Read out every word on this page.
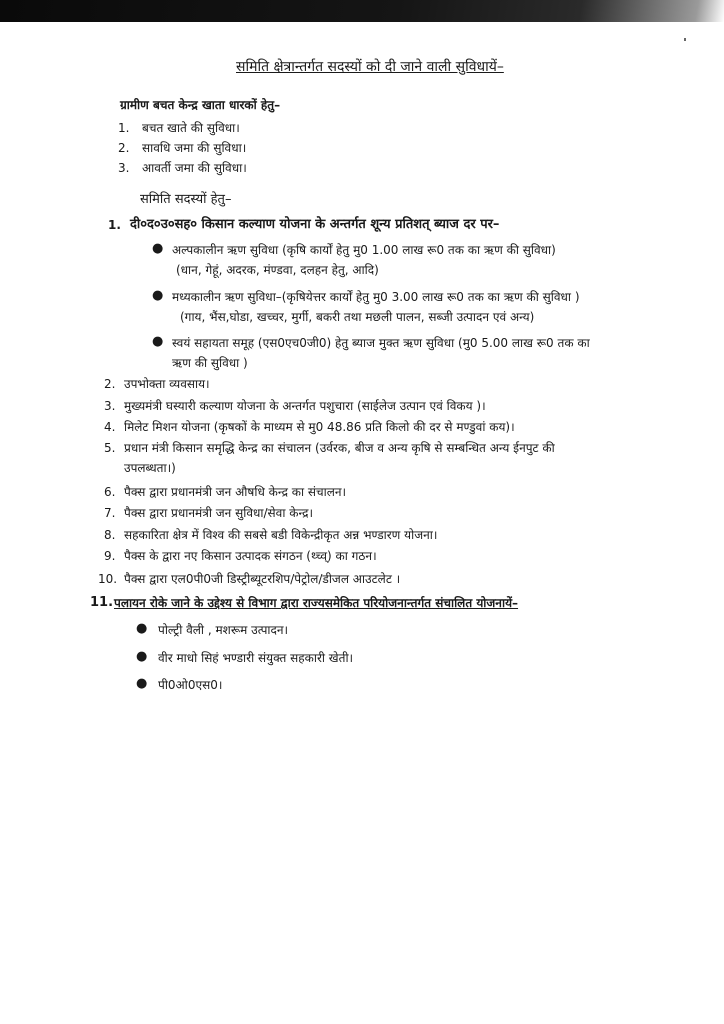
समिति क्षेत्रान्तर्गत सदस्यों को दी जाने वाली सुविधायें–
ग्रामीण बचत केन्द्र खाता धारकों हेतु–
1. बचत खाते की सुविधा।
2. सावधि जमा की सुविधा।
3. आवर्ती जमा की सुविधा।
समिति सदस्यों हेतु–
1. दी०द०उ०सह० किसान कल्याण योजना के अन्तर्गत शून्य प्रतिशत् ब्याज दर पर–
● अल्पकालीन ऋण सुविधा (कृषि कार्यों हेतु मु0 1.00 लाख रू0 तक का ऋण की सुविधा)
(धान, गेहूं, अदरक, मंण्डवा, दलहन हेतु, आदि)
● मध्यकालीन ऋण सुविधा–(कृषियेत्तर कार्यों हेतु मु0 3.00 लाख रू0 तक का ऋण की सुविधा )
(गाय, भैंस,घोडा, खच्चर, मुर्गी, बकरी तथा मछली पालन, सब्जी उत्पादन एवं अन्य)
● स्वयं सहायता समूह (एस0एच0जी0) हेतु ब्याज मुक्त ऋण सुविधा (मु0 5.00 लाख रू0 तक का
ऋण की सुविधा )
2. उपभोक्ता व्यवसाय।
3. मुख्यमंत्री घस्यारी कल्याण योजना के अन्तर्गत पशुचारा (साईलेज उत्पान एवं विकय )।
4. मिलेट मिशन योजना (कृषकों के माध्यम से मु0 48.86 प्रति किलो की दर से मण्डुवां कय)।
5. प्रधान मंत्री किसान समृद्धि केन्द्र का संचालन (उर्वरक, बीज व अन्य कृषि से सम्बन्धित अन्य ईनपुट की
उपलब्धता।)
6. पैक्स द्वारा प्रधानमंत्री जन औषधि केन्द्र का संचालन।
7. पैक्स द्वारा प्रधानमंत्री जन सुविधा/सेवा केन्द्र।
8. सहकारिता क्षेत्र में विश्व की सबसे बडी विकेन्द्रीकृत अन्न भण्डारण योजना।
9. पैक्स के द्वारा नए किसान उत्पादक संगठन (थ्च्व्) का गठन।
10. पैक्स द्वारा एल0पी0जी डिस्ट्रीब्यूटरशिप/पेट्रोल/डीजल आउटलेट ।
11. पलायन रोके जाने के उद्देश्य से विभाग द्वारा राज्यसमेकित परियोजनान्तर्गत संचालित योजनायें–
● पोल्ट्री वैली , मशरूम उत्पादन।
● वीर माधो सिहं भण्डारी संयुक्त सहकारी खेती।
● पी0ओ0एस0।
